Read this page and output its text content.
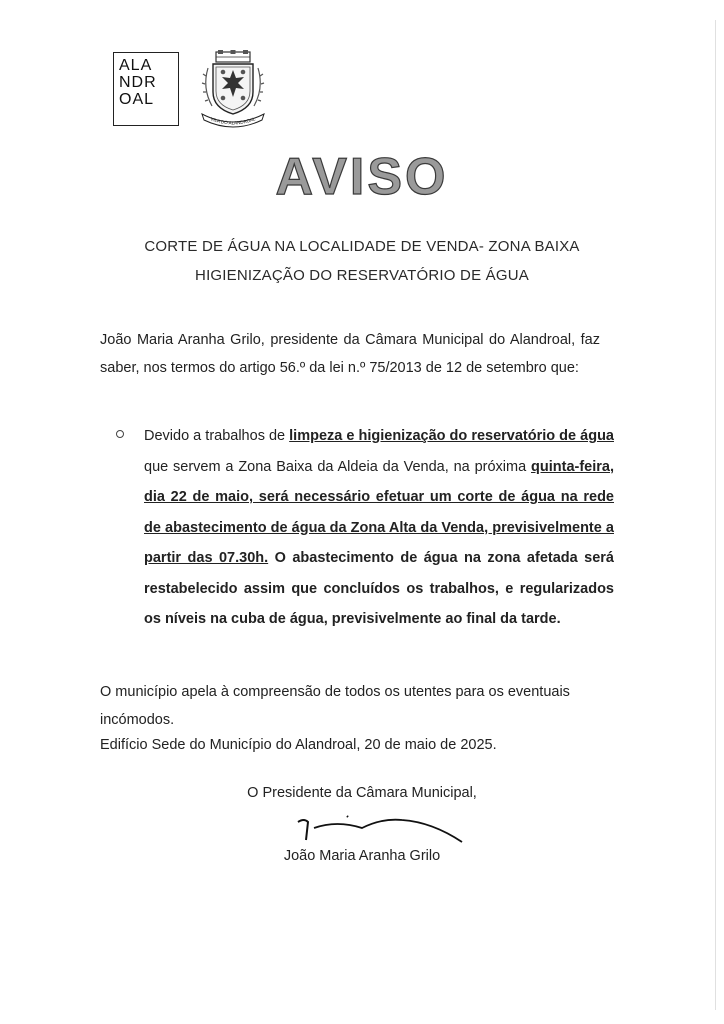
ALA
NDR
OAL
VILA DO ALANDROAL
AVISO
CORTE DE ÁGUA NA LOCALIDADE DE VENDA- ZONA BAIXA
HIGIENIZAÇÃO DO RESERVATÓRIO DE ÁGUA
João Maria Aranha Grilo, presidente da Câmara Municipal do Alandroal, faz saber, nos termos do artigo 56.º da lei n.º 75/2013 de 12 de setembro que:
Devido a trabalhos de limpeza e higienização do reservatório de água que servem a Zona Baixa da Aldeia da Venda, na próxima quinta-feira, dia 22 de maio, será necessário efetuar um corte de água na rede de abastecimento de água da Zona Alta da Venda, previsivelmente a partir das 07.30h. O abastecimento de água na zona afetada será restabelecido assim que concluídos os trabalhos, e regularizados os níveis na cuba de água, previsivelmente ao final da tarde.
O município apela à compreensão de todos os utentes para os eventuais incómodos.
Edifício Sede do Município do Alandroal, 20 de maio de 2025.
O Presidente da Câmara Municipal,
João Maria Aranha Grilo
